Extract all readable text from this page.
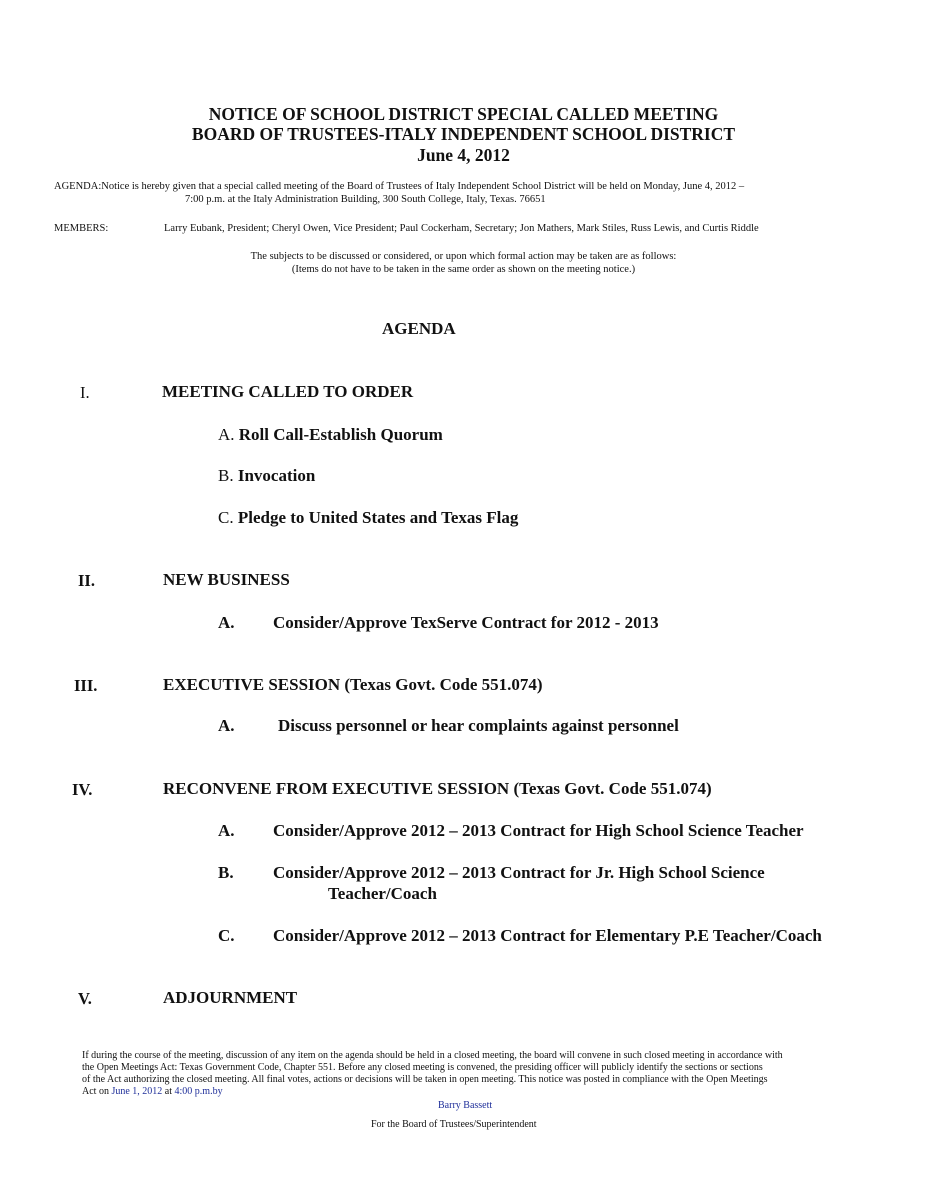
NOTICE OF SCHOOL DISTRICT SPECIAL CALLED MEETING
BOARD OF TRUSTEES-ITALY INDEPENDENT SCHOOL DISTRICT
June 4, 2012
AGENDA:Notice is hereby given that a special called meeting of the Board of Trustees of Italy Independent School District will be held on Monday, June 4, 2012 –
7:00 p.m. at the Italy Administration Building, 300 South College, Italy, Texas. 76651
MEMBERS:	Larry Eubank, President; Cheryl Owen, Vice President; Paul Cockerham, Secretary; Jon Mathers, Mark Stiles, Russ Lewis, and Curtis Riddle
The subjects to be discussed or considered, or upon which formal action may be taken are as follows:
(Items do not have to be taken in the same order as shown on the meeting notice.)
AGENDA
I.	MEETING CALLED TO ORDER
A. Roll Call-Establish Quorum
B. Invocation
C. Pledge to United States and Texas Flag
II.	NEW BUSINESS
A. Consider/Approve TexServe Contract for 2012 - 2013
III.	EXECUTIVE SESSION (Texas Govt. Code 551.074)
A.	Discuss personnel or hear complaints against personnel
IV.	RECONVENE FROM EXECUTIVE SESSION (Texas Govt. Code 551.074)
A. Consider/Approve 2012 – 2013 Contract for High School Science Teacher
B. Consider/Approve 2012 – 2013 Contract for Jr. High School Science
Teacher/Coach
C. Consider/Approve 2012 – 2013 Contract for Elementary P.E Teacher/Coach
V.	ADJOURNMENT
If during the course of the meeting, discussion of any item on the agenda should be held in a closed meeting, the board will convene in such closed meeting in accordance with
the Open Meetings Act: Texas Government Code, Chapter 551. Before any closed meeting is convened, the presiding officer will publicly identify the sections or sections
of the Act authorizing the closed meeting. All final votes, actions or decisions will be taken in open meeting. This notice was posted in compliance with the Open Meetings
Act on June 1, 2012 at 4:00 p.m.by
Barry Bassett
For the Board of Trustees/Superintendent
